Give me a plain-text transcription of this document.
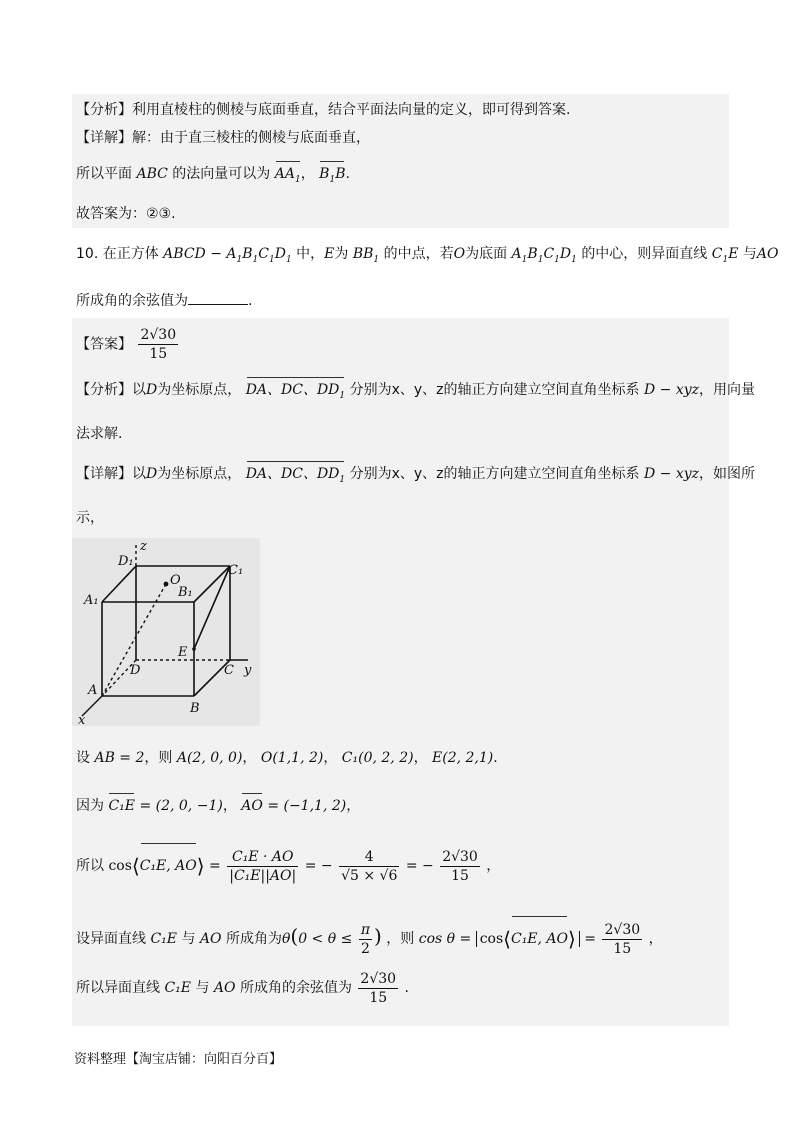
【分析】利用直棱柱的侧棱与底面垂直，结合平面法向量的定义，即可得到答案.
【详解】解：由于直三棱柱的侧棱与底面垂直，
所以平面 ABC 的法向量可以为 $AA_1$， $B_1B$.
故答案为：②③.
10. 在正方体 ABCD − $A_1B_1C_1D_1$ 中，E为 $BB_1$ 的中点，若O为底面 $A_1B_1C_1D_1$ 的中心，则异面直线 $C_1E$ 与AO
所成角的余弦值为	.
【答案】 $\frac{2√30}{15}$
【分析】以D为坐标原点， DA、DC、$DD_1$ 分别为x、y、z的轴正方向建立空间直角坐标系 D − xyz，用向量
法求解.
【详解】以D为坐标原点， DA、DC、$DD_1$ 分别为x、y、z的轴正方向建立空间直角坐标系 D − xyz，如图所
示，
z
D₁
C₁
O
B₁
A₁
E
C y
D
A
B
x
设 AB = 2，则 A(2, 0, 0)， O(1,1, 2)， C₁(0, 2, 2)， E(2, 2,1).
因为 C₁E = (2, 0, −1)， AO = (−1,1, 2)，
所以 cos⟨C₁E, AO⟩ = $\frac{\text{C₁E · AO}}{\text{|C₁E||AO|}}$ = − $\frac{4}{√5 \times √6}$ = − $\frac{2√30}{15}$ ，
设异面直线 C₁E 与 AO 所成角为$\theta(0 < \theta \le \frac{\pi}{2}$ ) ，则 cos θ = cos⟨C₁E, AO⟩ = $\frac{2√30}{15}$ ，
所以异面直线 C₁E 与 AO 所成角的余弦值为 $\frac{2√30}{15}$ .
资料整理【淘宝店铺：向阳百分百】
